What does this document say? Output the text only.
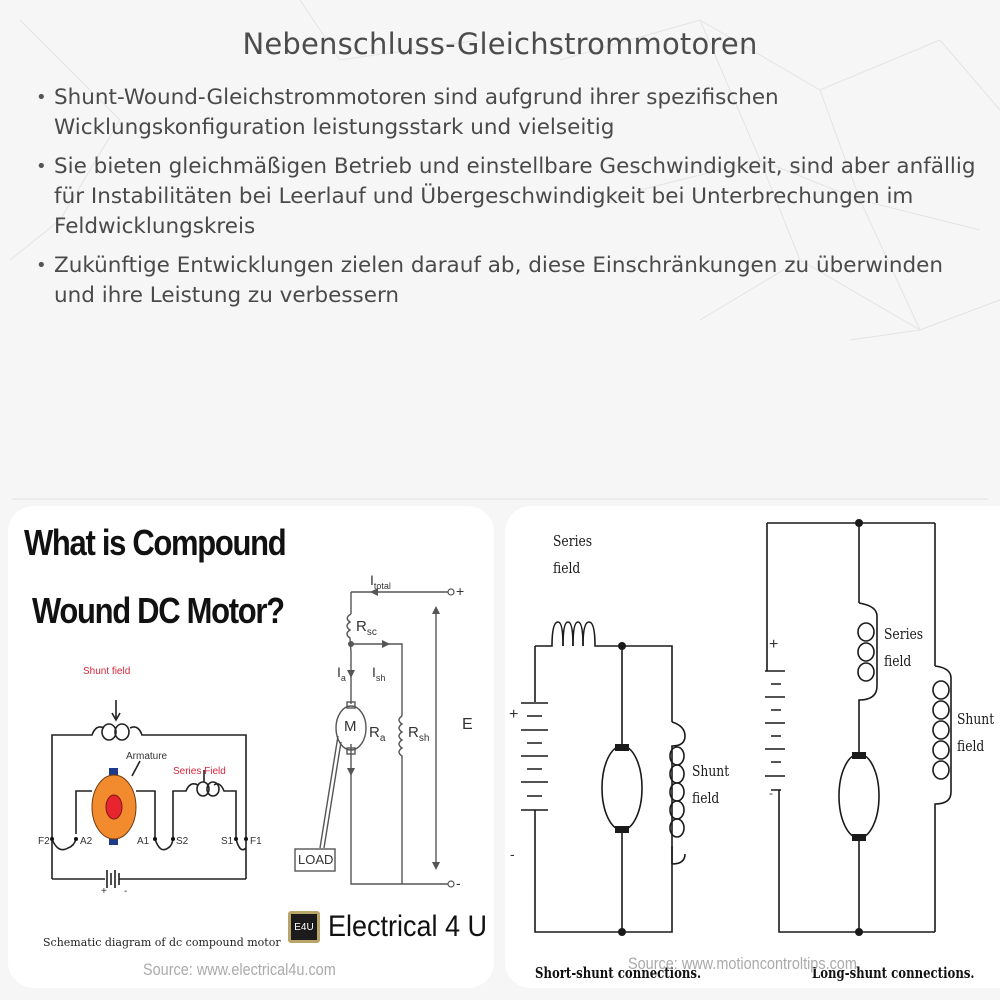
Nebenschluss-Gleichstrommotoren
• Shunt-Wound-Gleichstrommotoren sind aufgrund ihrer spezifischen Wicklungskonfiguration leistungsstark und vielseitig
• Sie bieten gleichmäßigen Betrieb und einstellbare Geschwindigkeit, sind aber anfällig für Instabilitäten bei Leerlauf und Übergeschwindigkeit bei Unterbrechungen im Feldwicklungskreis
• Zukünftige Entwicklungen zielen darauf ab, diese Einschränkungen zu überwinden und ihre Leistung zu verbessern
What is Compound
Wound DC Motor?
Shunt field
Armature
Series Field
F2	A2	A1	S2	S1 F1
+ -
Schematic diagram of dc compound motor
$I_{total}$	+
$R_{sc}$
$I_a$ $I_{sh}$
M $R_a$ $R_{sh}$
E
LOAD
-
E4U Electrical 4 U
Source: www.electrical4u.com
Series
field
Shunt
field
+
-
Short-shunt connections.
Series
field
Shunt
field
+
-
Long-shunt connections.
Source: www.motioncontroltips.com
